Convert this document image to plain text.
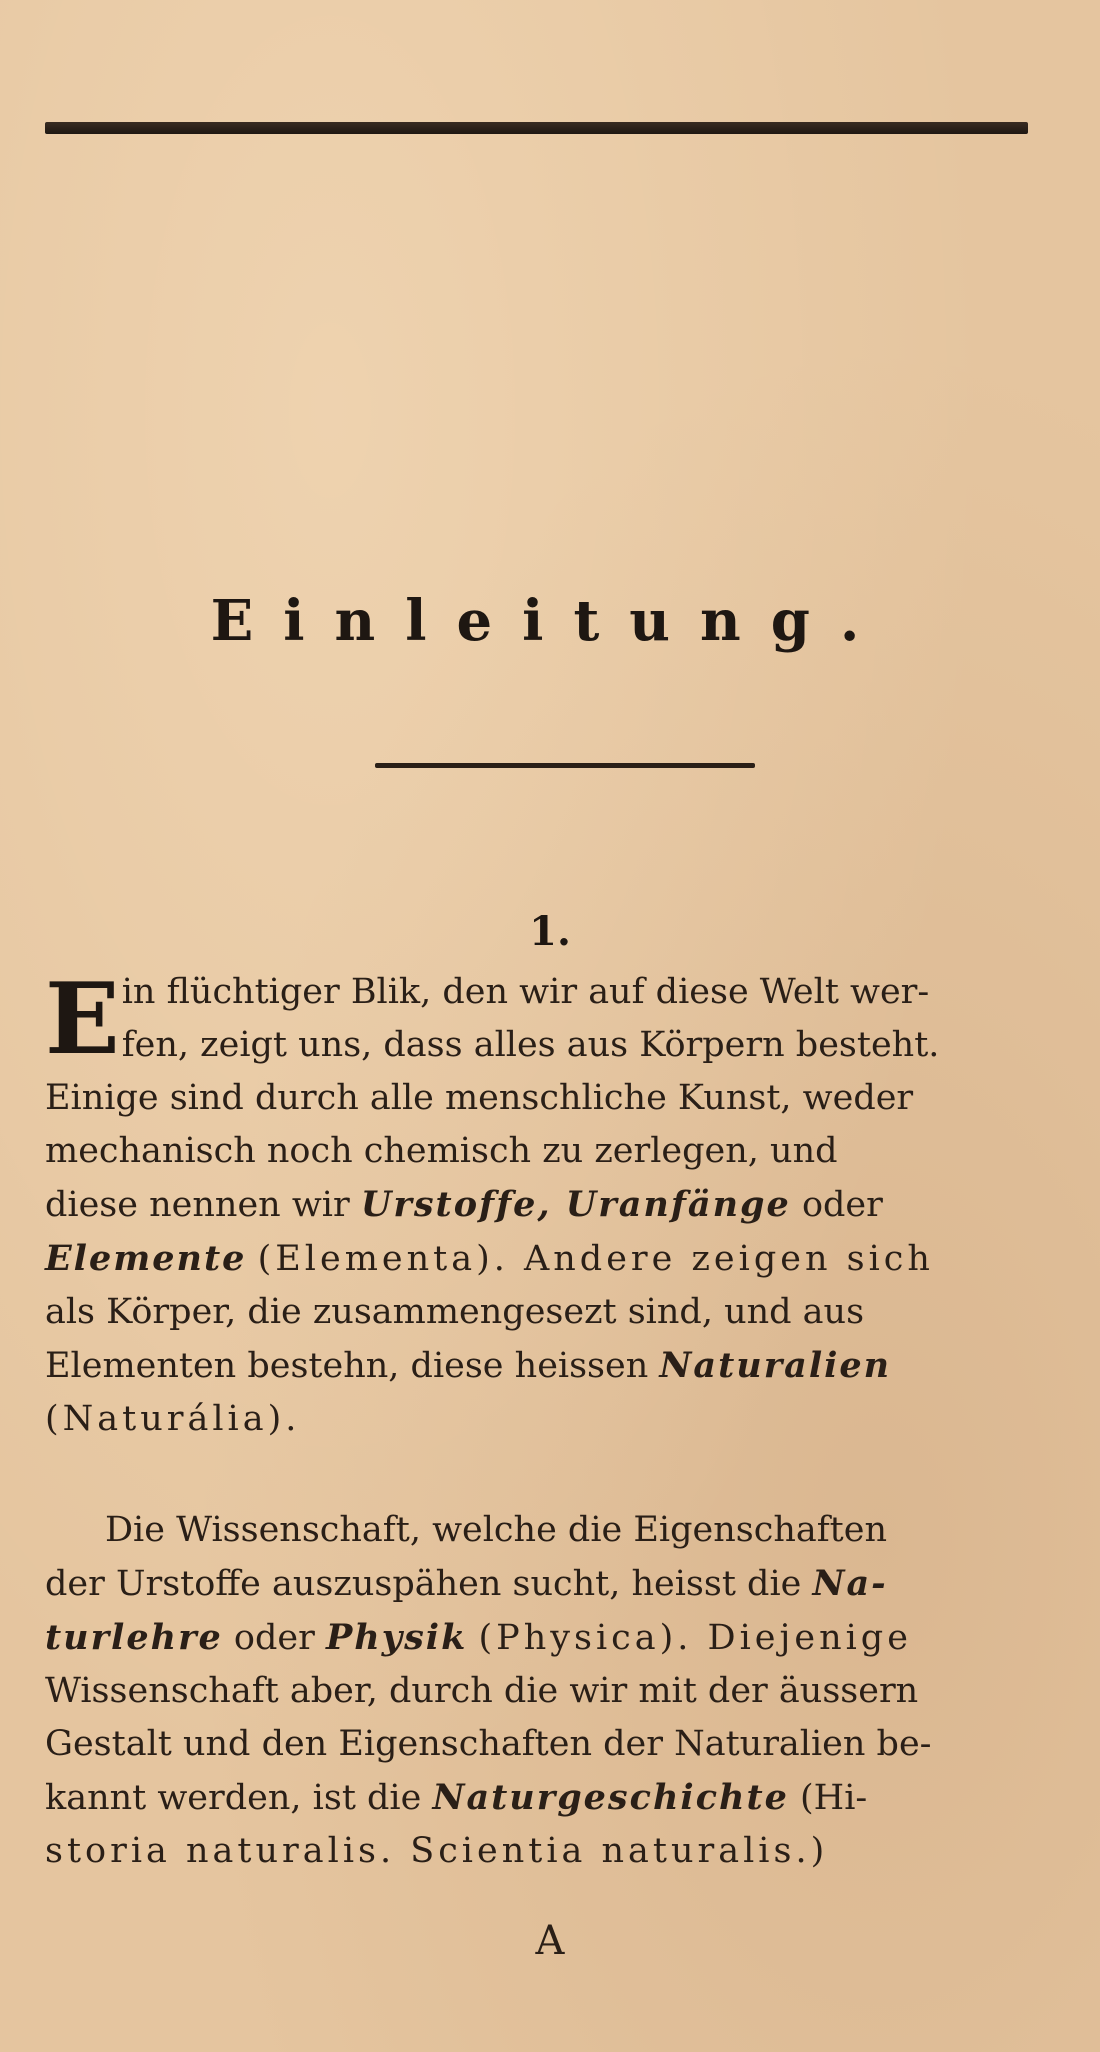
Einleitung.
1.
E in flüchtiger Blik, den wir auf diese Welt wer-
fen, zeigt uns, dass alles aus Körpern besteht.
Einige sind durch alle menschliche Kunst, weder
mechanisch noch chemisch zu zerlegen, und
diese nennen wir Urstoffe, Uranfänge oder
Elemente (Elementa). Andere zeigen sich
als Körper, die zusammengesezt sind, und aus
Elementen bestehn, diese heissen Naturalien
(Naturália).
Die Wissenschaft, welche die Eigenschaften
der Urstoffe auszuspähen sucht, heisst die Na-
turlehre oder Physik (Physica). Diejenige
Wissenschaft aber, durch die wir mit der äussern
Gestalt und den Eigenschaften der Naturalien be-
kannt werden, ist die Naturgeschichte (Hi-
storia naturalis. Scientia naturalis.)
A
